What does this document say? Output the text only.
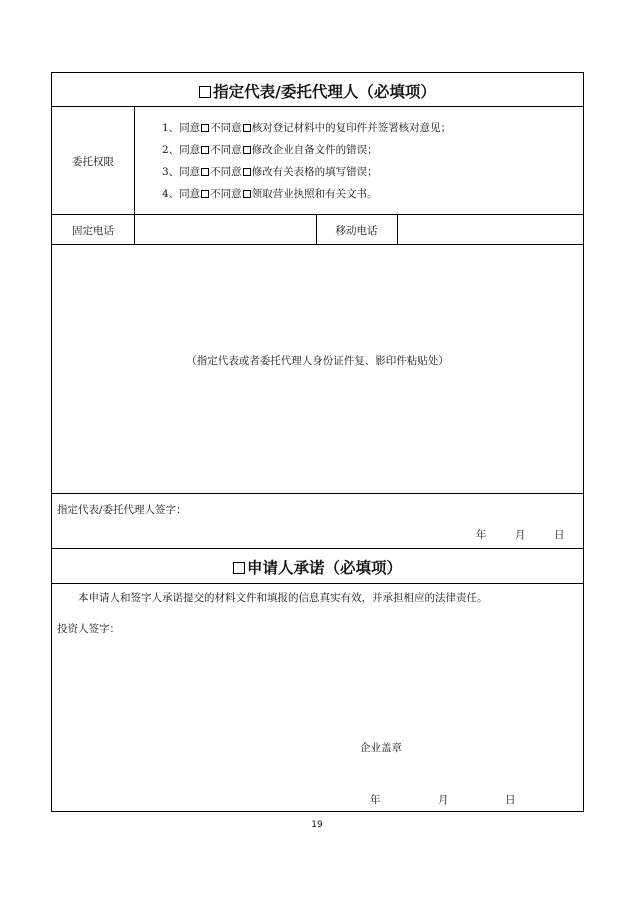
指定代表/委托代理人（必填项）
委托权限
1、同意 不同意 核对登记材料中的复印件并签署核对意见；
2、同意 不同意 修改企业自备文件的错误；
3、同意 不同意 修改有关表格的填写错误；
4、同意 不同意 领取营业执照和有关文书。
固定电话	移动电话
（指定代表或者委托代理人身份证件复、影印件粘贴处）
指定代表/委托代理人签字：
年	月	日
申请人承诺（必填项）
本申请人和签字人承诺提交的材料文件和填报的信息真实有效，并承担相应的法律责任。
投资人签字：
企业盖章
年	月	日
19
